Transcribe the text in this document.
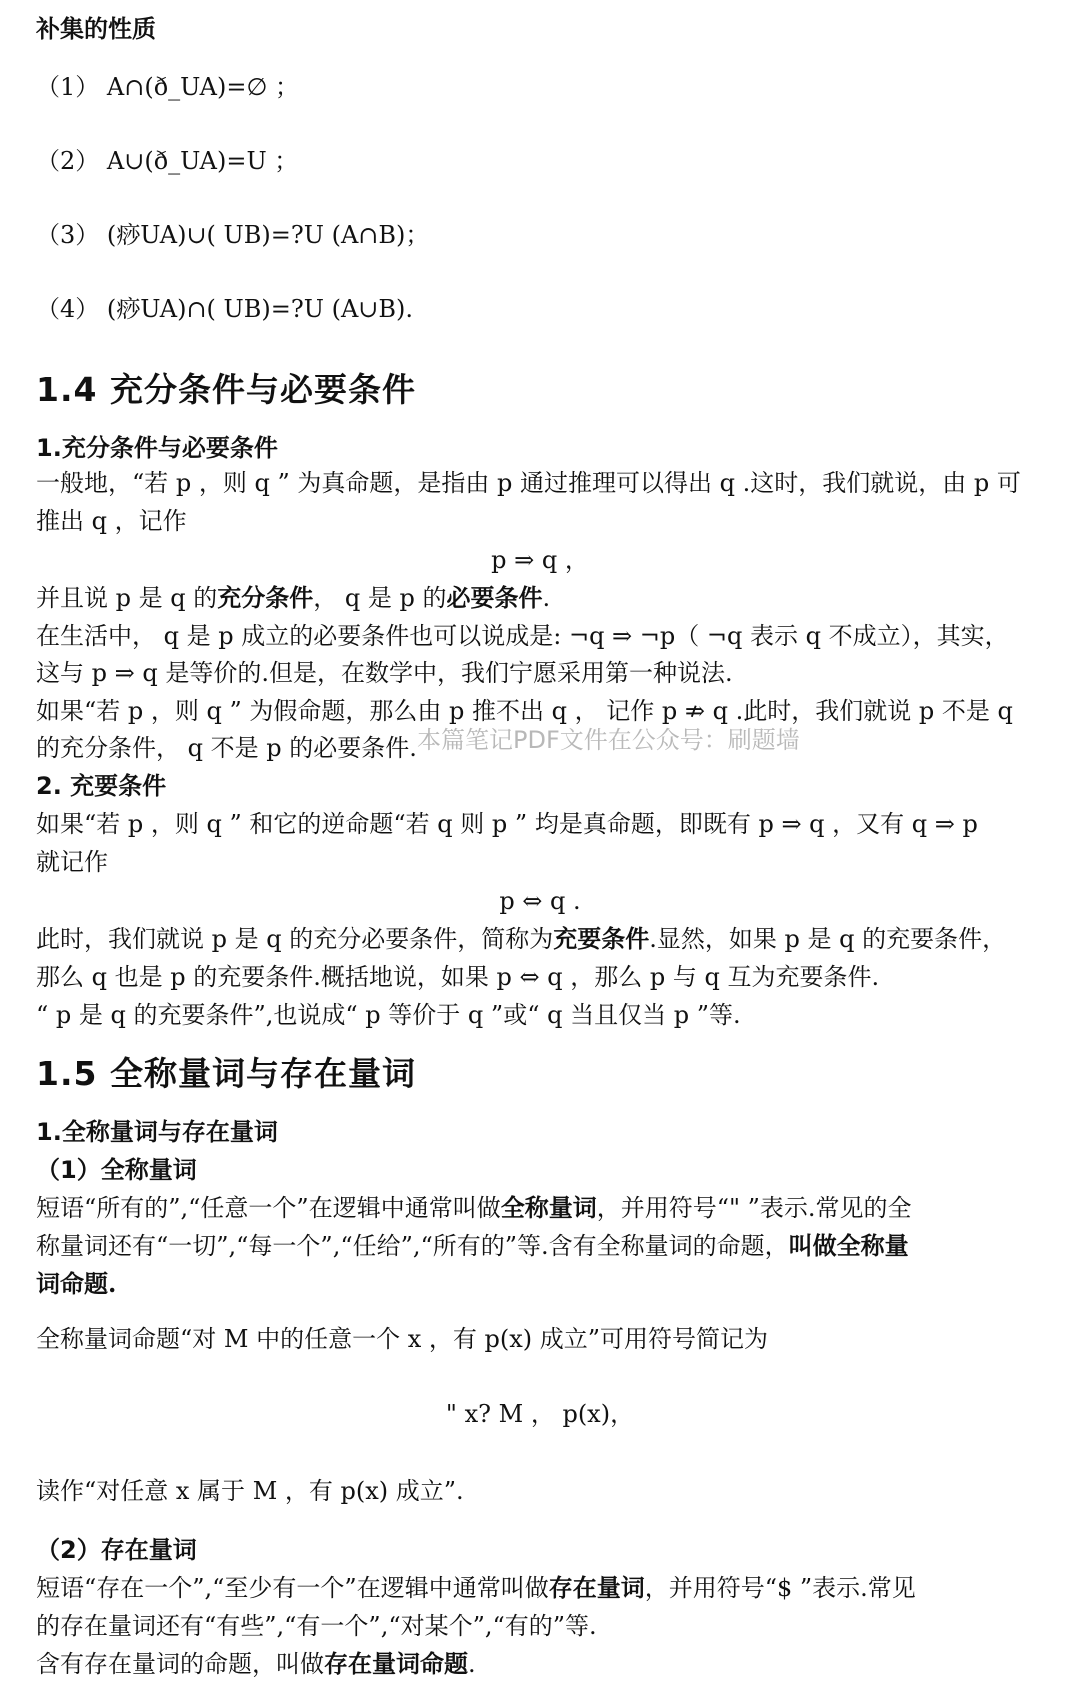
补集的性质
（1） A∩(ð_UA)=∅ ；
（2） A∪(ð_UA)=U ；
（3） (痧UA)∪( UB)=?U (A∩B)；
（4） (痧UA)∩( UB)=?U (A∪B).
1.4 充分条件与必要条件
1.充分条件与必要条件
一般地，“若 p ，则 q ” 为真命题，是指由 p 通过推理可以得出 q .这时，我们就说，由 p 可
推出 q ，记作
p ⇒ q ，
并且说 p 是 q 的充分条件， q 是 p 的必要条件.
在生活中， q 是 p 成立的必要条件也可以说成是: ¬q ⇒ ¬p（ ¬q 表示 q 不成立），其实，
这与 p ⇒ q 是等价的.但是，在数学中，我们宁愿采用第一种说法.
如果“若 p ，则 q ” 为假命题，那么由 p 推不出 q ， 记作 p ⇏ q .此时，我们就说 p 不是 q
的充分条件， q 不是 p 的必要条件.
2. 充要条件
如果“若 p ，则 q ” 和它的逆命题“若 q 则 p ” 均是真命题，即既有 p ⇒ q ，又有 q ⇒ p
就记作
p ⇔ q .
此时，我们就说 p 是 q 的充分必要条件，简称为充要条件.显然，如果 p 是 q 的充要条件，
那么 q 也是 p 的充要条件.概括地说，如果 p ⇔ q ，那么 p 与 q 互为充要条件.
“ p 是 q 的充要条件”,也说成“ p 等价于 q ”或“ q 当且仅当 p ”等.
1.5 全称量词与存在量词
1.全称量词与存在量词
（1）全称量词
短语“所有的”,“任意一个”在逻辑中通常叫做全称量词，并用符号“" ”表示.常见的全
称量词还有“一切”,“每一个”,“任给”,“所有的”等.含有全称量词的命题，叫做全称量
词命题.
全称量词命题“对 M 中的任意一个 x ，有 p(x) 成立”可用符号简记为
" x? M ， p(x)，
读作“对任意 x 属于 M ，有 p(x) 成立”.
（2）存在量词
短语“存在一个”,“至少有一个”在逻辑中通常叫做存在量词，并用符号“$ ”表示.常见
的存在量词还有“有些”,“有一个”,“对某个”,“有的”等.
含有存在量词的命题，叫做存在量词命题.
本篇笔记PDF文件在公众号：刷题墙
